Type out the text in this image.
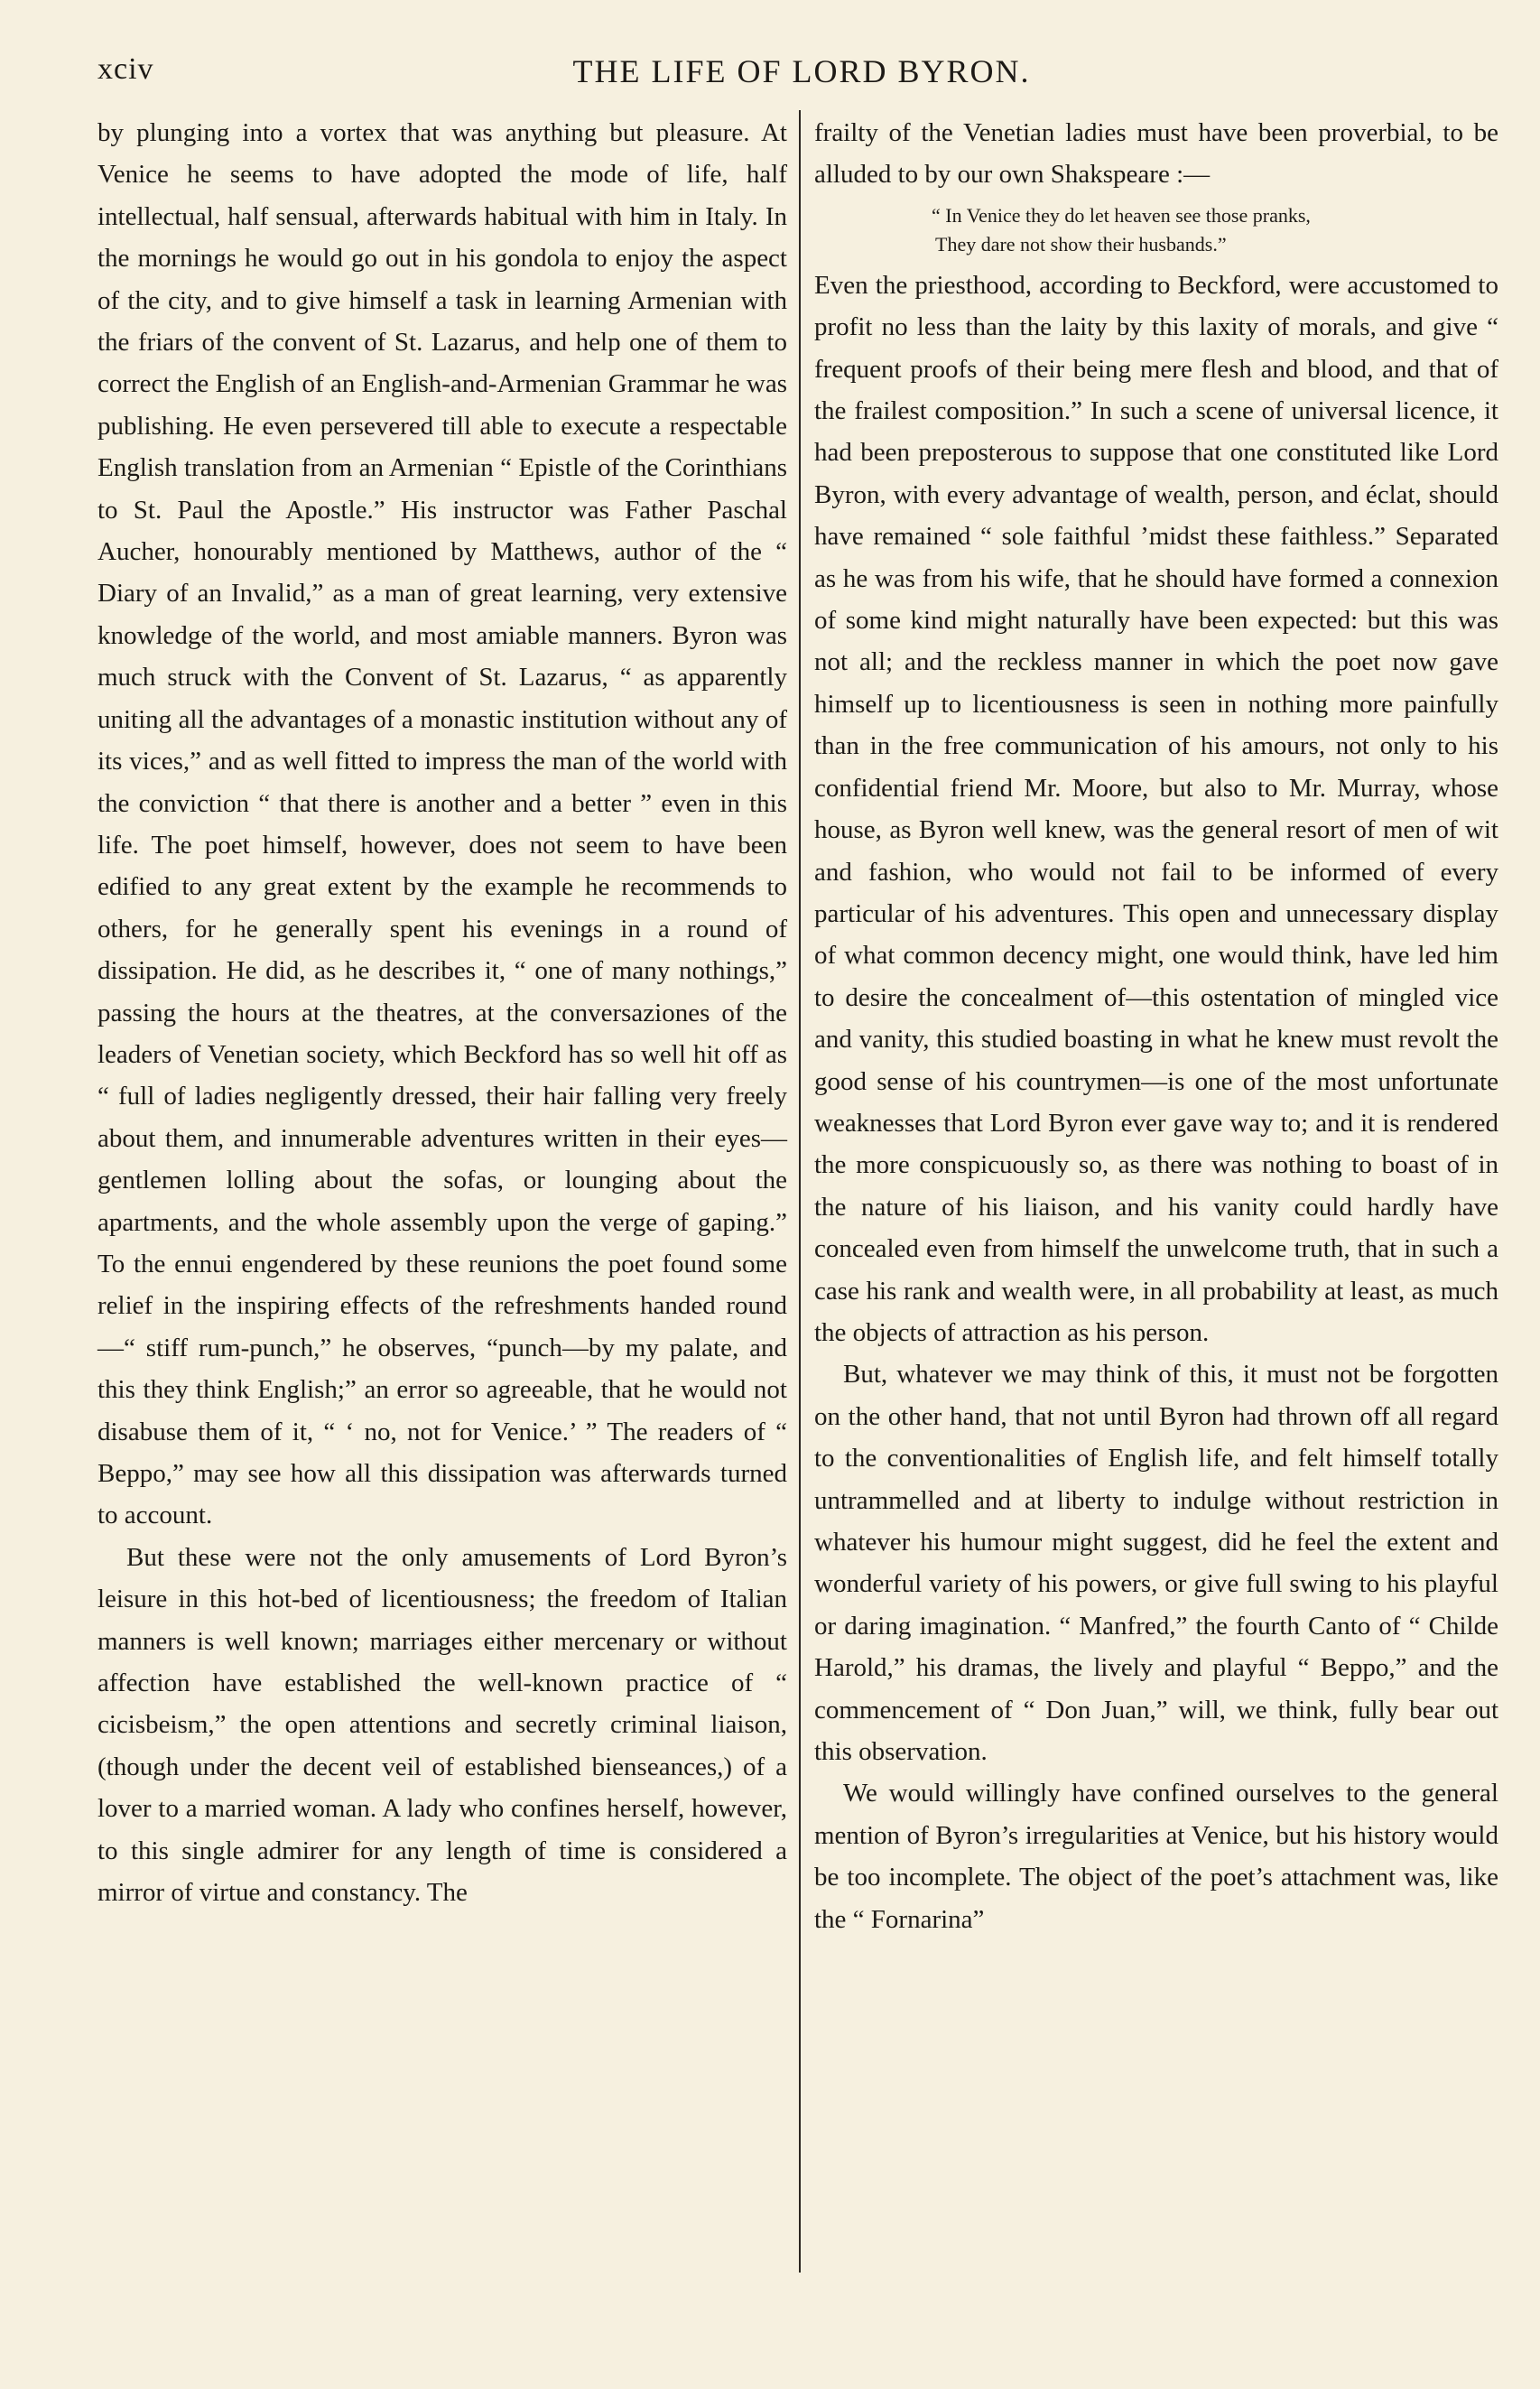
xciv	THE LIFE OF LORD BYRON.

by plunging into a vortex that was anything but pleasure. At Venice he seems to have adopted the mode of life, half intellectual, half sensual, afterwards habitual with him in Italy. In the mornings he would go out in his gondola to enjoy the aspect of the city, and to give himself a task in learning Armenian with the friars of the convent of St. Lazarus, and help one of them to correct the English of an English-and-Armenian Grammar he was publishing. He even persevered till able to execute a respectable English translation from an Armenian “ Epistle of the Corinthians to St. Paul the Apostle.” His instructor was Father Paschal Aucher, honourably mentioned by Matthews, author of the “ Diary of an Invalid,” as a man of great learning, very extensive knowledge of the world, and most amiable manners. Byron was much struck with the Convent of St. Lazarus, “ as apparently uniting all the advantages of a monastic institution without any of its vices,” and as well fitted to impress the man of the world with the conviction “ that there is another and a better ” even in this life. The poet himself, however, does not seem to have been edified to any great extent by the example he recommends to others, for he generally spent his evenings in a round of dissipation. He did, as he describes it, “ one of many nothings,” passing the hours at the theatres, at the conversaziones of the leaders of Venetian society, which Beckford has so well hit off as “ full of ladies negligently dressed, their hair falling very freely about them, and innumerable adventures written in their eyes—gentlemen lolling about the sofas, or lounging about the apartments, and the whole assembly upon the verge of gaping.” To the ennui engendered by these reunions the poet found some relief in the inspiring effects of the refreshments handed round—“ stiff rum-punch,” he observes, “punch—by my palate, and this they think English;” an error so agreeable, that he would not disabuse them of it, “ ‘ no, not for Venice.’ ” The readers of “ Beppo,” may see how all this dissipation was afterwards turned to account.

But these were not the only amusements of Lord Byron’s leisure in this hot-bed of licentiousness; the freedom of Italian manners is well known; marriages either mercenary or without affection have established the well-known practice of “ cicisbeism,” the open attentions and secretly criminal liaison, (though under the decent veil of established bienseances,) of a lover to a married woman. A lady who confines herself, however, to this single admirer for any length of time is considered a mirror of virtue and constancy. The

frailty of the Venetian ladies must have been proverbial, to be alluded to by our own Shakspeare :—

“ In Venice they do let heaven see those pranks,
They dare not show their husbands.”

Even the priesthood, according to Beckford, were accustomed to profit no less than the laity by this laxity of morals, and give “ frequent proofs of their being mere flesh and blood, and that of the frailest composition.” In such a scene of universal licence, it had been preposterous to suppose that one constituted like Lord Byron, with every advantage of wealth, person, and éclat, should have remained “ sole faithful ’midst these faithless.” Separated as he was from his wife, that he should have formed a connexion of some kind might naturally have been expected: but this was not all; and the reckless manner in which the poet now gave himself up to licentiousness is seen in nothing more painfully than in the free communication of his amours, not only to his confidential friend Mr. Moore, but also to Mr. Murray, whose house, as Byron well knew, was the general resort of men of wit and fashion, who would not fail to be informed of every particular of his adventures. This open and unnecessary display of what common decency might, one would think, have led him to desire the concealment of—this ostentation of mingled vice and vanity, this studied boasting in what he knew must revolt the good sense of his countrymen—is one of the most unfortunate weaknesses that Lord Byron ever gave way to; and it is rendered the more conspicuously so, as there was nothing to boast of in the nature of his liaison, and his vanity could hardly have concealed even from himself the unwelcome truth, that in such a case his rank and wealth were, in all probability at least, as much the objects of attraction as his person.

But, whatever we may think of this, it must not be forgotten on the other hand, that not until Byron had thrown off all regard to the conventionalities of English life, and felt himself totally untrammelled and at liberty to indulge without restriction in whatever his humour might suggest, did he feel the extent and wonderful variety of his powers, or give full swing to his playful or daring imagination. “ Manfred,” the fourth Canto of “ Childe Harold,” his dramas, the lively and playful “ Beppo,” and the commencement of “ Don Juan,” will, we think, fully bear out this observation.

We would willingly have confined ourselves to the general mention of Byron’s irregularities at Venice, but his history would be too incomplete. The object of the poet’s attachment was, like the “ Fornarina”
